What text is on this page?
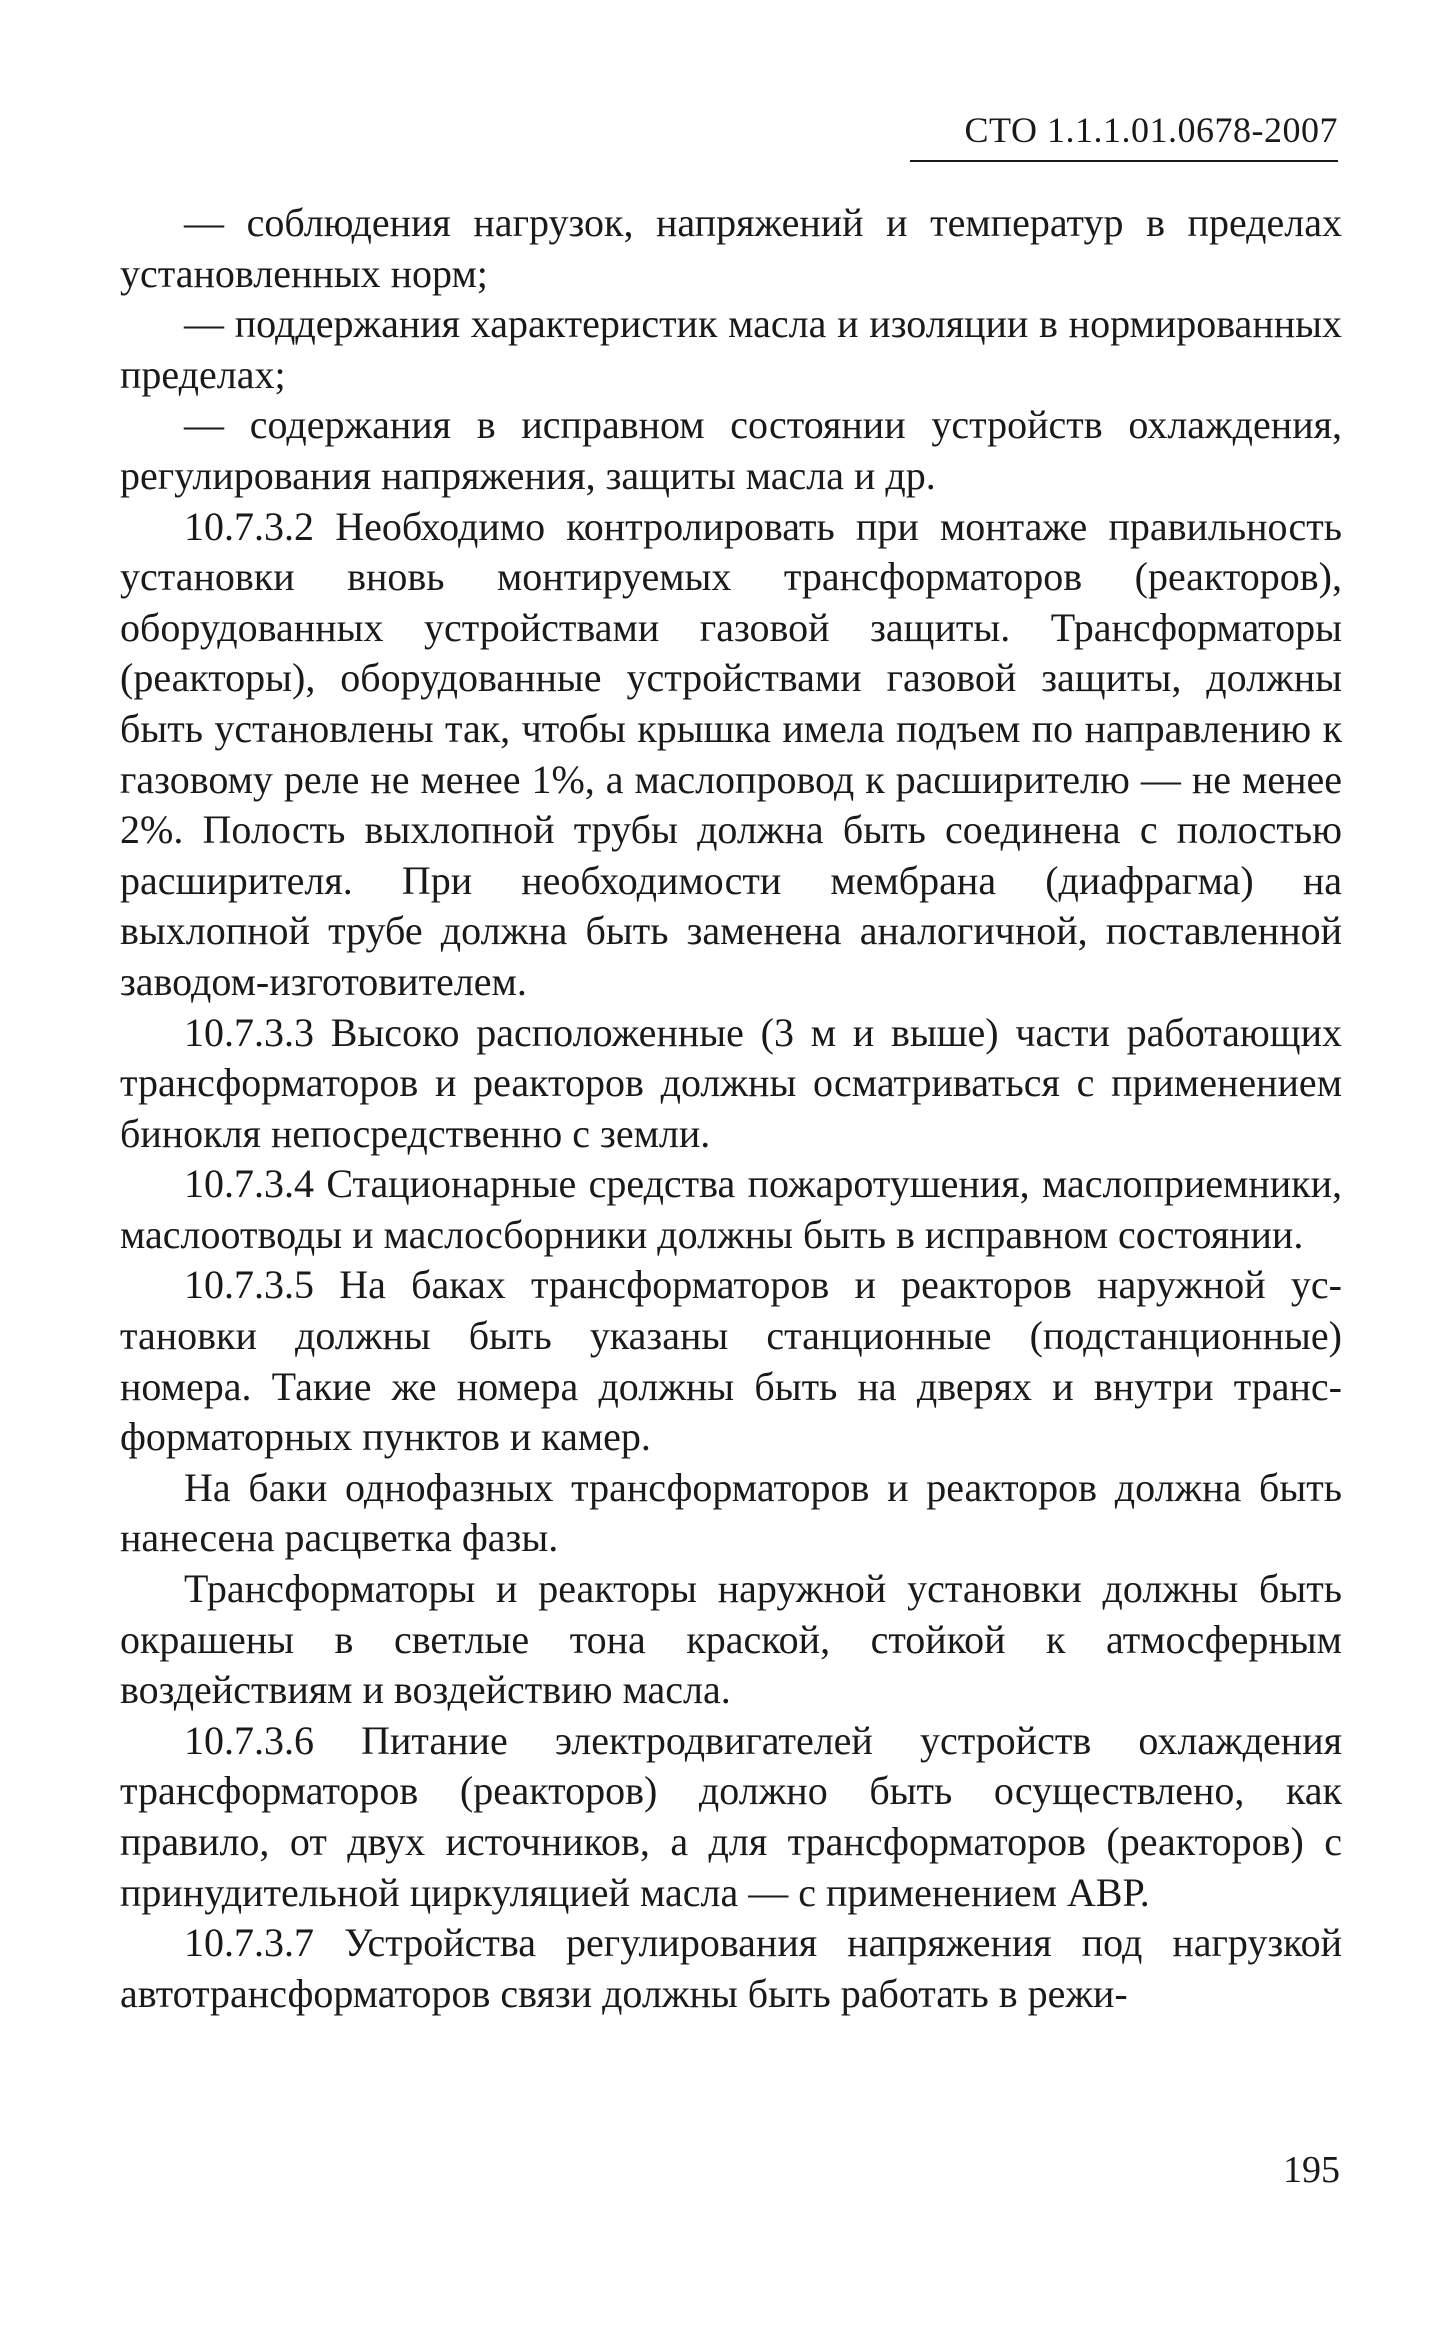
СТО 1.1.1.01.0678-2007

— соблюдения нагрузок, напряжений и температур в пределах установленных норм;

— поддержания характеристик масла и изоляции в нормированных пределах;

— содержания в исправном состоянии устройств охлаждения, регулирования напряжения, защиты масла и др.

10.7.3.2 Необходимо контролировать при монтаже правильность установки вновь монтируемых трансформаторов (реакторов), оборудованных устройствами газовой защиты. Трансформаторы (реакторы), оборудованные устройствами газовой защиты, должны быть установлены так, чтобы крышка имела подъем по направлению к газовому реле не менее 1%, а маслопровод к расширителю — не менее 2%. Полость выхлопной трубы должна быть соединена с полостью расширителя. При необходимости мембрана (диафрагма) на выхлопной трубе должна быть заменена аналогичной, поставленной заводом-изготовителем.

10.7.3.3 Высоко расположенные (3 м и выше) части работающих трансформаторов и реакторов должны осматриваться с применением бинокля непосредственно с земли.

10.7.3.4 Стационарные средства пожаротушения, маслоприемники, маслоотводы и маслосборники должны быть в исправном состоянии.

10.7.3.5 На баках трансформаторов и реакторов наружной установки должны быть указаны станционные (подстанционные) номера. Такие же номера должны быть на дверях и внутри трансформаторных пунктов и камер.

На баки однофазных трансформаторов и реакторов должна быть нанесена расцветка фазы.

Трансформаторы и реакторы наружной установки должны быть окрашены в светлые тона краской, стойкой к атмосферным воздействиям и воздействию масла.

10.7.3.6 Питание электродвигателей устройств охлаждения трансформаторов (реакторов) должно быть осуществлено, как правило, от двух источников, а для трансформаторов (реакторов) с принудительной циркуляцией масла — с применением АВР.

10.7.3.7 Устройства регулирования напряжения под нагрузкой автотрансформаторов связи должны быть работать в режи-

195
